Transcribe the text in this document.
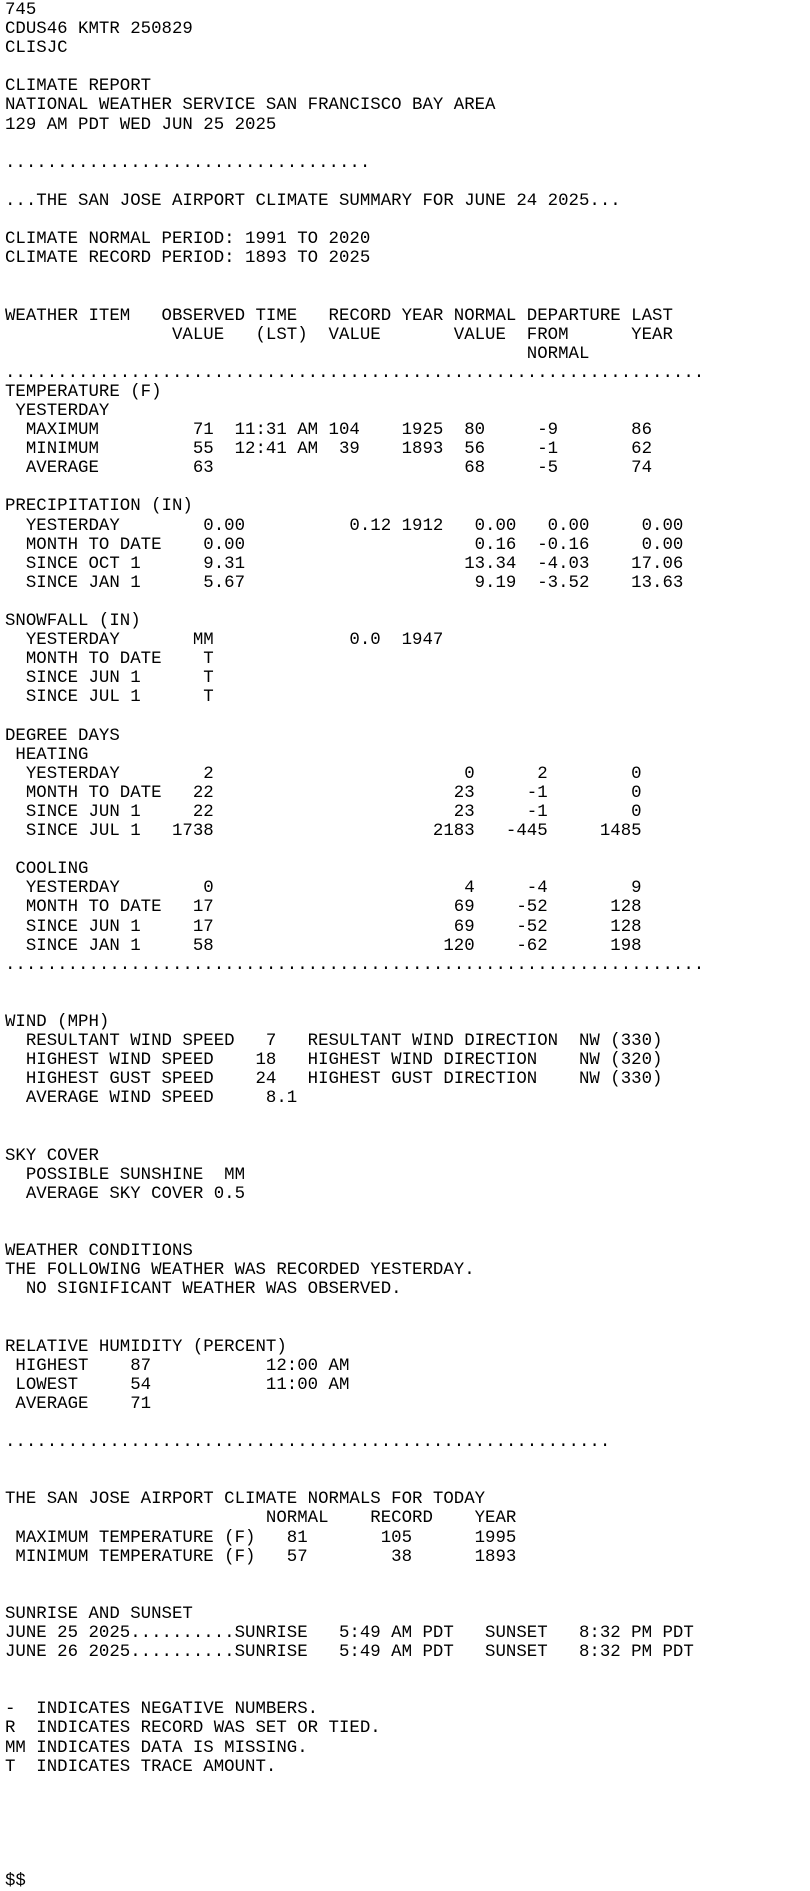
745
CDUS46 KMTR 250829
CLISJC
CLIMATE REPORT
NATIONAL WEATHER SERVICE SAN FRANCISCO BAY AREA
129 AM PDT WED JUN 25 2025
...................................
...THE SAN JOSE AIRPORT CLIMATE SUMMARY FOR JUNE 24 2025...
CLIMATE NORMAL PERIOD: 1991 TO 2020
CLIMATE RECORD PERIOD: 1893 TO 2025
WEATHER ITEM   OBSERVED TIME   RECORD YEAR NORMAL DEPARTURE LAST
VALUE   (LST)  VALUE       VALUE  FROM      YEAR
NORMAL
...................................................................
TEMPERATURE (F)
YESTERDAY
MAXIMUM         71  11:31 AM 104    1925  80     -9       86
MINIMUM         55  12:41 AM  39    1893  56     -1       62
AVERAGE         63                        68     -5       74
PRECIPITATION (IN)
YESTERDAY        0.00          0.12 1912   0.00   0.00     0.00
MONTH TO DATE    0.00                      0.16  -0.16     0.00
SINCE OCT 1      9.31                     13.34  -4.03    17.06
SINCE JAN 1      5.67                      9.19  -3.52    13.63
SNOWFALL (IN)
YESTERDAY       MM             0.0  1947
MONTH TO DATE    T
SINCE JUN 1      T
SINCE JUL 1      T
DEGREE DAYS
HEATING
YESTERDAY        2                        0      2        0
MONTH TO DATE   22                       23     -1        0
SINCE JUN 1     22                       23     -1        0
SINCE JUL 1   1738                     2183   -445     1485
COOLING
YESTERDAY        0                        4     -4        9
MONTH TO DATE   17                       69    -52      128
SINCE JUN 1     17                       69    -52      128
SINCE JAN 1     58                      120    -62      198
...................................................................
WIND (MPH)
RESULTANT WIND SPEED   7   RESULTANT WIND DIRECTION  NW (330)
HIGHEST WIND SPEED    18   HIGHEST WIND DIRECTION    NW (320)
HIGHEST GUST SPEED    24   HIGHEST GUST DIRECTION    NW (330)
AVERAGE WIND SPEED     8.1
SKY COVER
POSSIBLE SUNSHINE  MM
AVERAGE SKY COVER 0.5
WEATHER CONDITIONS
THE FOLLOWING WEATHER WAS RECORDED YESTERDAY.
NO SIGNIFICANT WEATHER WAS OBSERVED.
RELATIVE HUMIDITY (PERCENT)
HIGHEST    87           12:00 AM
LOWEST     54           11:00 AM
AVERAGE    71
..........................................................
THE SAN JOSE AIRPORT CLIMATE NORMALS FOR TODAY
NORMAL    RECORD    YEAR
MAXIMUM TEMPERATURE (F)   81       105      1995
MINIMUM TEMPERATURE (F)   57        38      1893
SUNRISE AND SUNSET
JUNE 25 2025..........SUNRISE   5:49 AM PDT   SUNSET   8:32 PM PDT
JUNE 26 2025..........SUNRISE   5:49 AM PDT   SUNSET   8:32 PM PDT
-  INDICATES NEGATIVE NUMBERS.
R  INDICATES RECORD WAS SET OR TIED.
MM INDICATES DATA IS MISSING.
T  INDICATES TRACE AMOUNT.
$$
